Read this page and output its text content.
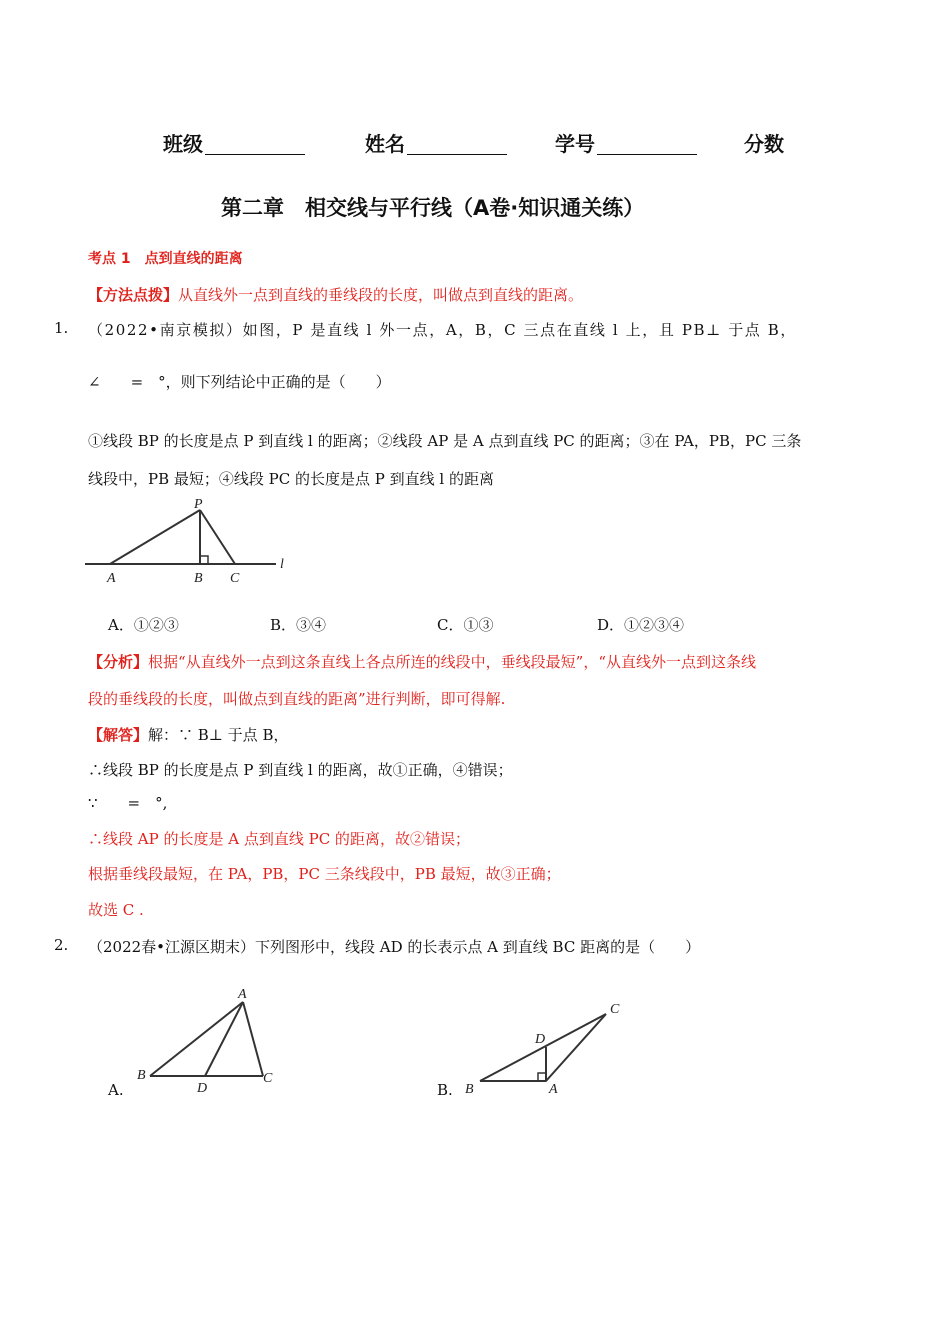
班级	姓名	学号	分数
第二章　相交线与平行线（A卷·知识通关练）
考点 1　点到直线的距离
【方法点拨】从直线外一点到直线的垂线段的长度，叫做点到直线的距离。
1. （2022•南京模拟）如图，P 是直线 l 外一点，A，B，C 三点在直线 l 上，且 PB⊥ 于点 B，
∠　　=　°，则下列结论中正确的是（　　）
①线段 BP 的长度是点 P 到直线 l 的距离；②线段 AP 是 A 点到直线 PC 的距离；③在 PA，PB，PC 三条
线段中，PB 最短；④线段 PC 的长度是点 P 到直线 l 的距离
P
A	B C
l
A．①②③	B．③④	C．①③	D．①②③④
【分析】根据“从直线外一点到这条直线上各点所连的线段中，垂线段最短”，“从直线外一点到这条线
段的垂线段的长度，叫做点到直线的距离”进行判断，即可得解.
【解答】解：∵ B⊥ 于点 B，
∴线段 BP 的长度是点 P 到直线 l 的距离，故①正确，④错误；
∵　　=　°,
∴线段 AP 的长度是 A 点到直线 PC 的距离，故②错误；
根据垂线段最短，在 PA，PB，PC 三条线段中，PB 最短，故③正确；
故选 C .
2. （2022春•江源区期末）下列图形中，线段 AD 的长表示点 A 到直线 BC 距离的是（　　）
A.
A
B
D
C
B.
C
D
B	A
